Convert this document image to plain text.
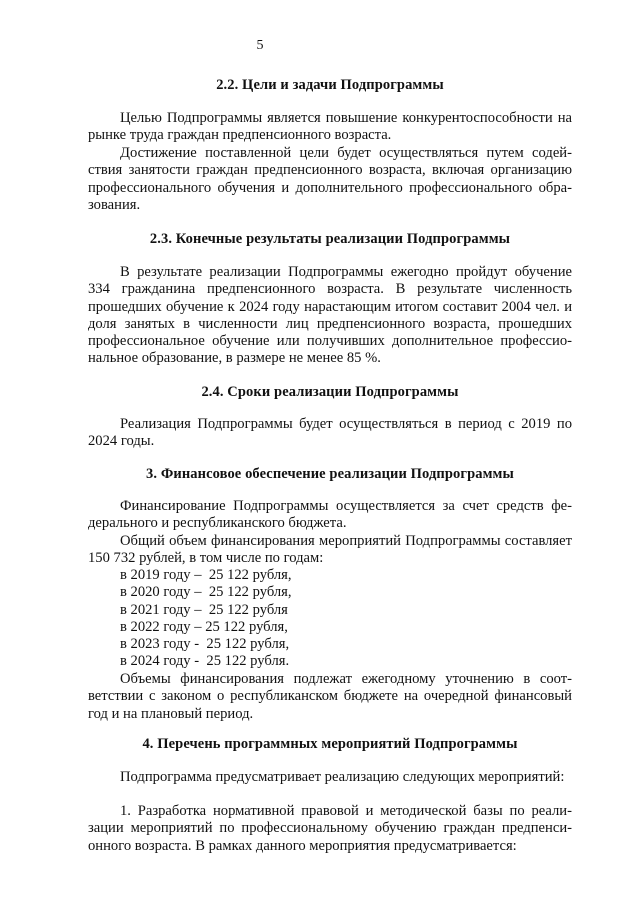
5
2.2. Цели и задачи Подпрограммы

Целью Подпрограммы является повышение конкурентоспособности на рынке труда граждан предпенсионного возраста.

Достижение поставленной цели будет осуществляться путем содействия занятости граждан предпенсионного возраста, включая организацию профессионального обучения и дополнительного профессионального образования.

2.3. Конечные результаты реализации Подпрограммы

В результате реализации Подпрограммы ежегодно пройдут обучение 334 гражданина предпенсионного возраста. В результате численность прошедших обучение к 2024 году нарастающим итогом составит 2004 чел. и доля занятых в численности лиц предпенсионного возраста, прошедших профессиональное обучение или получивших дополнительное профессиональное образование, в размере не менее 85 %.

2.4. Сроки реализации Подпрограммы

Реализация Подпрограммы будет осуществляться в период с 2019 по 2024 годы.

3. Финансовое обеспечение реализации Подпрограммы

Финансирование Подпрограммы осуществляется за счет средств федерального и республиканского бюджета.

Общий объем финансирования мероприятий Подпрограммы составляет 150 732 рублей, в том числе по годам:

в 2019 году –  25 122 рубля,

в 2020 году –  25 122 рубля,

в 2021 году –  25 122 рубля

в 2022 году – 25 122 рубля,

в 2023 году -  25 122 рубля,

в 2024 году -  25 122 рубля.

Объемы финансирования подлежат ежегодному уточнению в соответствии с законом о республиканском бюджете на очередной финансовый год и на плановый период.

4. Перечень программных мероприятий Подпрограммы

Подпрограмма предусматривает реализацию следующих мероприятий:

1. Разработка нормативной правовой и методической базы по реализации мероприятий по профессиональному обучению граждан предпенсионного возраста. В рамках данного мероприятия предусматривается:
